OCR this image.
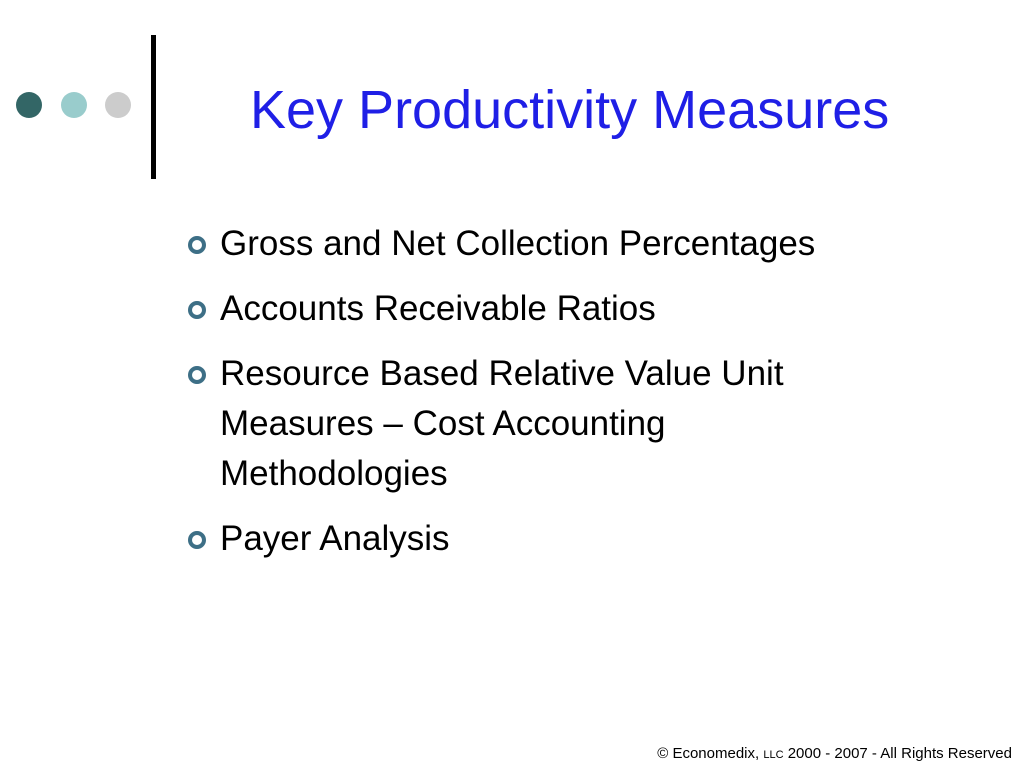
Key Productivity Measures
Gross and Net Collection Percentages
Accounts Receivable Ratios
Resource Based Relative Value Unit
Measures – Cost Accounting
Methodologies
Payer Analysis
© Economedix, LLC 2000 - 2007 - All Rights Reserved
